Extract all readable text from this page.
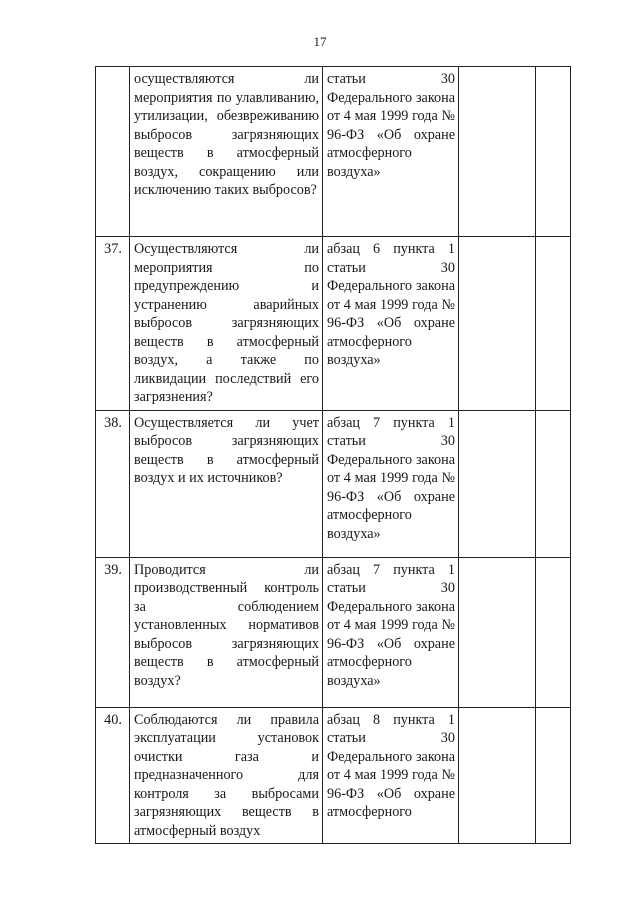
17
	осуществляются ли мероприятия по улавливанию, утилизации, обезвреживанию выбросов загрязняющих веществ в атмосферный воздух, сокращению или исключению таких выбросов?	статьи 30 Федерального закона от 4 мая 1999 года № 96-ФЗ «Об охране атмосферного воздуха»		
37.	Осуществляются ли мероприятия по предупреждению и устранению аварийных выбросов загрязняющих веществ в атмосферный воздух, а также по ликвидации последствий его загрязнения?	абзац 6 пункта 1 статьи 30 Федерального закона от 4 мая 1999 года № 96-ФЗ «Об охране атмосферного воздуха»		
38.	Осуществляется ли учет выбросов загрязняющих веществ в атмосферный воздух и их источников?	абзац 7 пункта 1 статьи 30 Федерального закона от 4 мая 1999 года № 96-ФЗ «Об охране атмосферного воздуха»		
39.	Проводится ли производственный контроль за соблюдением установленных нормативов выбросов загрязняющих веществ в атмосферный воздух?	абзац 7 пункта 1 статьи 30 Федерального закона от 4 мая 1999 года № 96-ФЗ «Об охране атмосферного воздуха»		
40.	Соблюдаются ли правила эксплуатации установок очистки газа и предназначенного для контроля за выбросами загрязняющих веществ в атмосферный воздух	абзац 8 пункта 1 статьи 30 Федерального закона от 4 мая 1999 года № 96-ФЗ «Об охране атмосферного		
